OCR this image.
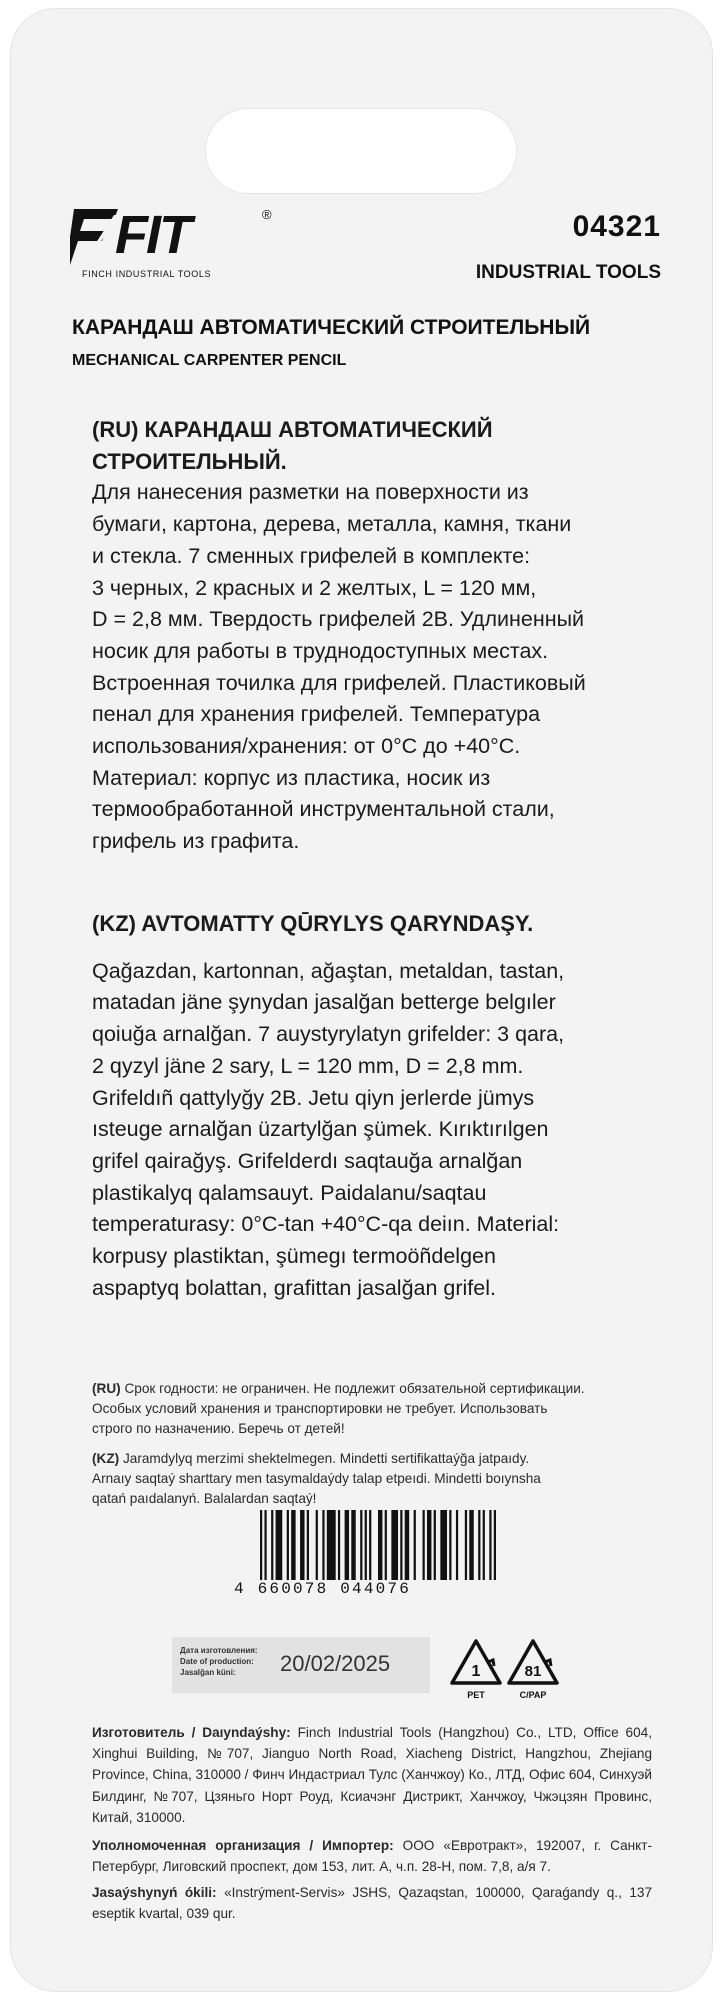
FIT	®
FINCH INDUSTRIAL TOOLS
04321
INDUSTRIAL TOOLS
КАРАНДАШ АВТОМАТИЧЕСКИЙ СТРОИТЕЛЬНЫЙ
MECHANICAL CARPENTER PENCIL
(RU) КАРАНДАШ АВТОМАТИЧЕСКИЙ
СТРОИТЕЛЬНЫЙ.
Для нанесения разметки на поверхности из
бумаги, картона, дерева, металла, камня, ткани
и стекла. 7 сменных грифелей в комплекте:
3 черных, 2 красных и 2 желтых, L = 120 мм,
D = 2,8 мм. Твердость грифелей 2B. Удлиненный
носик для работы в труднодоступных местах.
Встроенная точилка для грифелей. Пластиковый
пенал для хранения грифелей. Температура
использования/хранения: от 0°C до +40°C.
Материал: корпус из пластика, носик из
термообработанной инструментальной стали,
грифель из графита.
(KZ) AVTOMATTY QŪRYLYS QARYNDAŞY.
Qağazdan, kartonnan, ağaştan, metaldan, tastan,
matadan jäne şynydan jasalğan betterge belgıler
qoiuğa arnalğan. 7 auystyrylatyn grifelder: 3 qara,
2 qyzyl jäne 2 sary, L = 120 mm, D = 2,8 mm.
Grifeldıñ qattylyğy 2B. Jetu qiyn jerlerde jümys
ısteuge arnalğan üzartylğan şümek. Kırıktırılgen
grifel qairağyş. Grifelderdı saqtauğa arnalğan
plastikalyq qalamsauyt. Paidalanu/saqtau
temperaturasy: 0°C-tan +40°C-qa deiın. Material:
korpusy plastiktan, şümegı termoöñdelgen
aspaptyq bolattan, grafittan jasalğan grifel.
(RU) Срок годности: не ограничен. Не подлежит обязательной сертификации.
Особых условий хранения и транспортировки не требует. Использовать
строго по назначению. Беречь от детей!
(KZ) Jaramdylyq merzimi shektelmegen. Mindetti sertifikattaýğa jatpaıdy.
Arnaıy saqtaý sharttary men tasymaldaýdy talap etpeıdi. Mindetti boıynsha
qatań paıdalanyń. Balalardan saqtaý!
4 660078 044076
Дата изготовления:
Date of production:
Jasalğan küni:	20/02/2025	1
PET
81
C/PAP
Изготовитель / Daıyndaýshy: Finch Industrial Tools (Hangzhou) Co., LTD, Office 604, Xinghui Building, №707, Jianguo North Road, Xiacheng District, Hangzhou, Zhejiang Province, China, 310000 / Финч Индастриал Тулс (Ханчжоу) Ко., ЛТД, Офис 604, Синхуэй Билдинг, №707, Цзяньго Норт Роуд, Ксиачэнг Дистрикт, Ханчжоу, Чжэцзян Провинс, Китай, 310000.
Уполномоченная организация / Импортер: ООО «Евротракт», 192007, г. Санкт-Петербург, Лиговский проспект, дом 153, лит. А, ч.п. 28-Н, пом. 7,8, а/я 7.
Jasaýshynyń ókili: «Instrýment-Servis» JSHS, Qazaqstan, 100000, Qaraǵandy q., 137 eseptik kvartal, 039 qur.
